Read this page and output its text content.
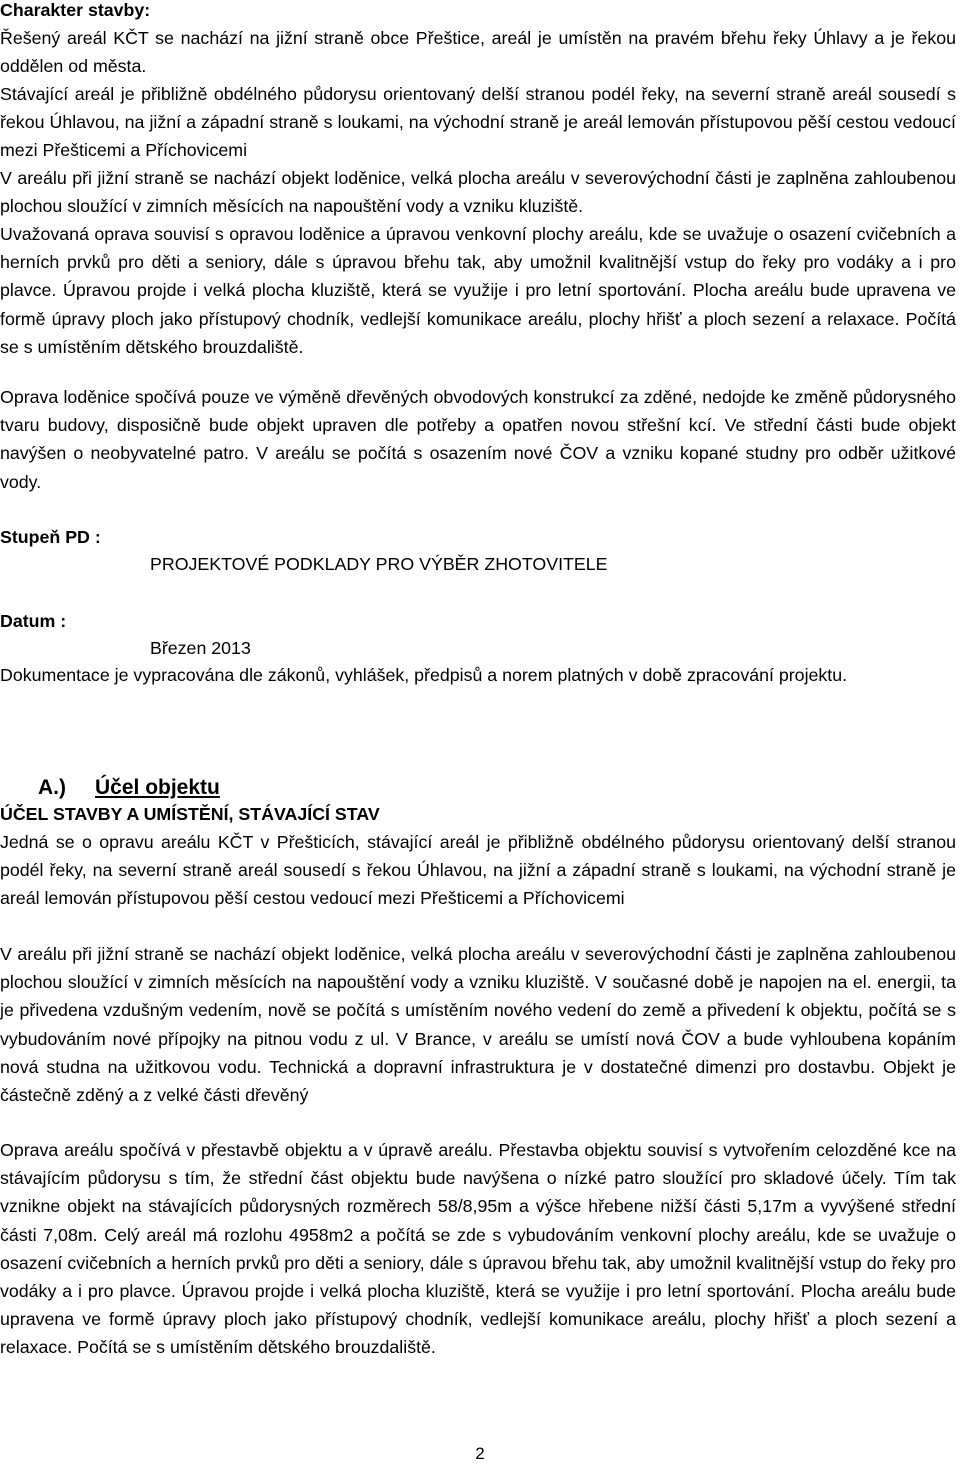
Charakter stavby:

Řešený areál KČT se nachází na jižní straně obce Přeštice, areál je umístěn na pravém břehu řeky Úhlavy a je řekou oddělen od města.

Stávající areál je přibližně obdélného půdorysu orientovaný delší stranou podél řeky, na severní straně areál sousedí s řekou Úhlavou, na jižní a západní straně s loukami, na východní straně je areál lemován přístupovou pěší cestou vedoucí mezi Přešticemi a Příchovicemi

V areálu při jižní straně se nachází objekt loděnice, velká plocha areálu v severovýchodní části je zaplněna zahloubenou plochou sloužící v zimních měsících na napouštění vody a vzniku kluziště.

Uvažovaná oprava souvisí s opravou loděnice a úpravou venkovní plochy areálu, kde se uvažuje o osazení cvičebních a herních prvků pro děti a seniory, dále s úpravou břehu tak, aby umožnil kvalitnější vstup do řeky pro vodáky a i pro plavce. Úpravou projde i velká plocha kluziště, která se využije i pro letní sportování. Plocha areálu bude upravena ve formě úpravy ploch jako přístupový chodník, vedlejší komunikace areálu, plochy hřišť a ploch sezení a relaxace. Počítá se s umístěním dětského brouzdaliště.

Oprava loděnice spočívá pouze ve výměně dřevěných obvodových konstrukcí za zděné, nedojde ke změně půdorysného tvaru budovy, disposičně bude objekt upraven dle potřeby a opatřen novou střešní kcí. Ve střední části bude objekt navýšen o neobyvatelné patro. V areálu se počítá s osazením nové ČOV a vzniku kopané studny pro odběr užitkové vody.

Stupeň PD :
PROJEKTOVÉ PODKLADY PRO VÝBĚR ZHOTOVITELE
Datum :
Březen 2013

Dokumentace je vypracována dle zákonů, vyhlášek, předpisů a norem platných v době zpracování projektu.

A.) Účel objektu
ÚČEL STAVBY A UMÍSTĚNÍ, STÁVAJÍCÍ STAV

Jedná se o opravu areálu KČT v Přešticích, stávající areál je přibližně obdélného půdorysu orientovaný delší stranou podél řeky, na severní straně areál sousedí s řekou Úhlavou, na jižní a západní straně s loukami, na východní straně je areál lemován přístupovou pěší cestou vedoucí mezi Přešticemi a Příchovicemi

V areálu při jižní straně se nachází objekt loděnice, velká plocha areálu v severovýchodní části je zaplněna zahloubenou plochou sloužící v zimních měsících na napouštění vody a vzniku kluziště. V současné době je napojen na el. energii, ta je přivedena vzdušným vedením, nově se počítá s umístěním nového vedení do země a přivedení k objektu, počítá se s vybudováním nové přípojky na pitnou vodu z ul. V Brance, v areálu se umístí nová ČOV a bude vyhloubena kopáním nová studna na užitkovou vodu. Technická a dopravní infrastruktura je v dostatečné dimenzi pro dostavbu. Objekt je částečně zděný a z velké části dřevěný

Oprava areálu spočívá v přestavbě objektu a v úpravě areálu. Přestavba objektu souvisí s vytvořením celozděné kce na stávajícím půdorysu s tím, že střední část objektu bude navýšena o nízké patro sloužící pro skladové účely. Tím tak vznikne objekt na stávajících půdorysných rozměrech 58/8,95m a výšce hřebene nižší části 5,17m a vyvýšené střední části 7,08m. Celý areál má rozlohu 4958m2 a počítá se zde s vybudováním venkovní plochy areálu, kde se uvažuje o osazení cvičebních a herních prvků pro děti a seniory, dále s úpravou břehu tak, aby umožnil kvalitnější vstup do řeky pro vodáky a i pro plavce. Úpravou projde i velká plocha kluziště, která se využije i pro letní sportování. Plocha areálu bude upravena ve formě úpravy ploch jako přístupový chodník, vedlejší komunikace areálu, plochy hřišť a ploch sezení a relaxace. Počítá se s umístěním dětského brouzdaliště.

2
